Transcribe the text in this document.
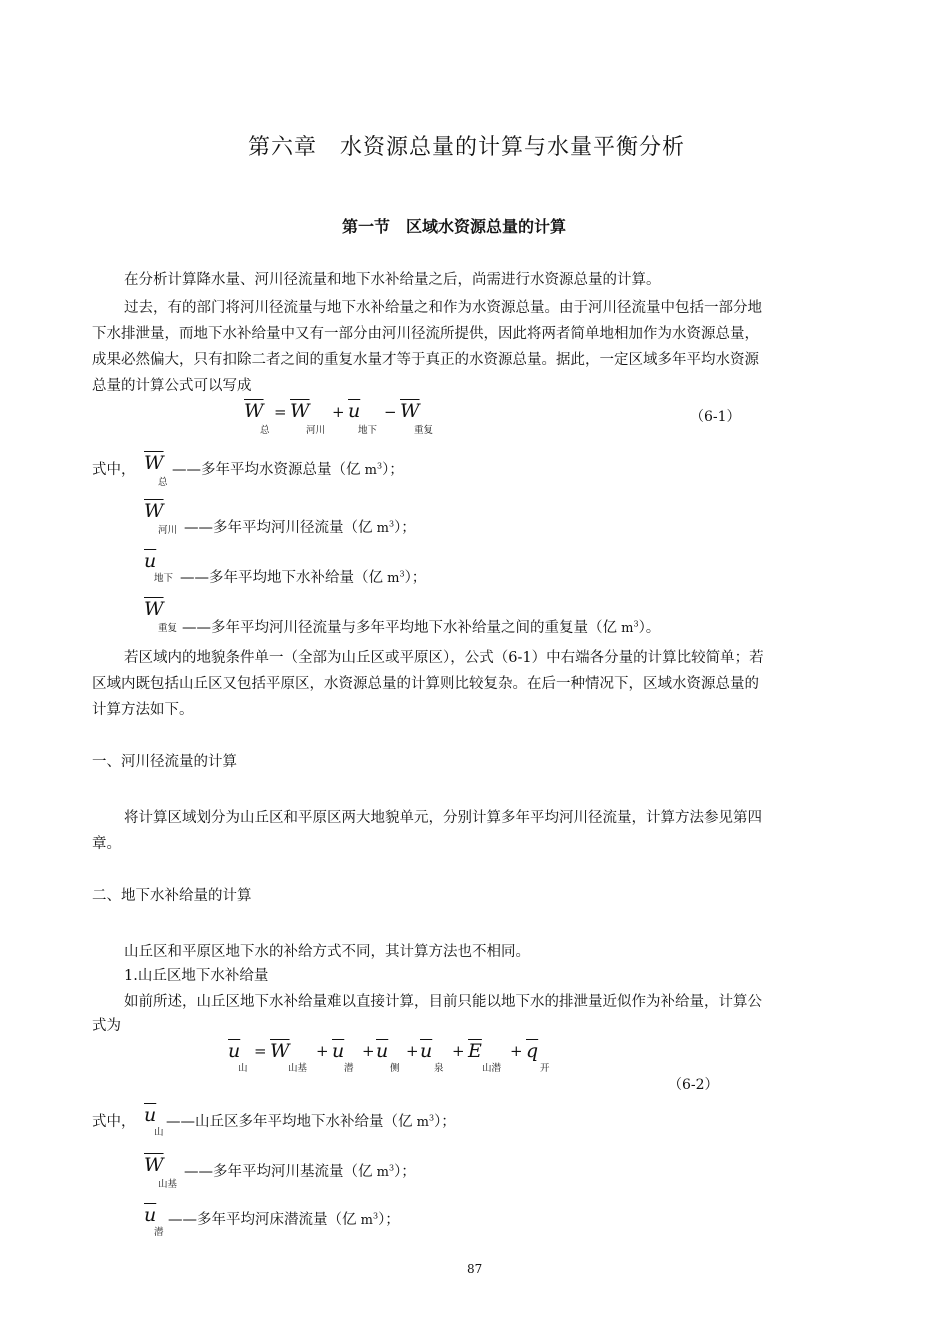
第六章　水资源总量的计算与水量平衡分析
第一节　区域水资源总量的计算
在分析计算降水量、河川径流量和地下水补给量之后，尚需进行水资源总量的计算。
过去，有的部门将河川径流量与地下水补给量之和作为水资源总量。由于河川径流量中包括一部分地
下水排泄量，而地下水补给量中又有一部分由河川径流所提供，因此将两者简单地相加作为水资源总量，
成果必然偏大，只有扣除二者之间的重复水量才等于真正的水资源总量。据此，一定区域多年平均水资源
总量的计算公式可以写成
$\overline{W}$
总
= $\overline{W}$
河川
+ $\overline{u}$
地下
− $\overline{W}$
重复
（6-1）
式中， $\overline{W}$
总
——多年平均水资源总量（亿 $m^3$）；
$\overline{W}$
河川 ——多年平均河川径流量（亿 $m^3$）；
$\overline{u}$
地下 ——多年平均地下水补给量（亿 $m^3$）；
$\overline{W}$
重复 ——多年平均河川径流量与多年平均地下水补给量之间的重复量（亿 $m^3$）。
若区域内的地貌条件单一（全部为山丘区或平原区），公式（6-1）中右端各分量的计算比较简单；若
区域内既包括山丘区又包括平原区，水资源总量的计算则比较复杂。在后一种情况下，区域水资源总量的
计算方法如下。
一、河川径流量的计算
将计算区域划分为山丘区和平原区两大地貌单元，分别计算多年平均河川径流量，计算方法参见第四
章。
二、地下水补给量的计算
山丘区和平原区地下水的补给方式不同，其计算方法也不相同。
1.山丘区地下水补给量
如前所述，山丘区地下水补给量难以直接计算，目前只能以地下水的排泄量近似作为补给量，计算公
式为
$\overline{u}$
山
= $\overline{W}$
山基
+ $\overline{u}$
潜
+ $\overline{u}$
侧
+ $\overline{u}$
泉
+ $\overline{E}$
山潜
+ $\overline{q}$
开
（6-2）
式中， $\overline{u}$
山
——山丘区多年平均地下水补给量（亿 $m^3$）；
$\overline{W}$
山基
——多年平均河川基流量（亿 $m^3$）；
$\overline{u}$
潜
——多年平均河床潜流量（亿 $m^3$）；
87
